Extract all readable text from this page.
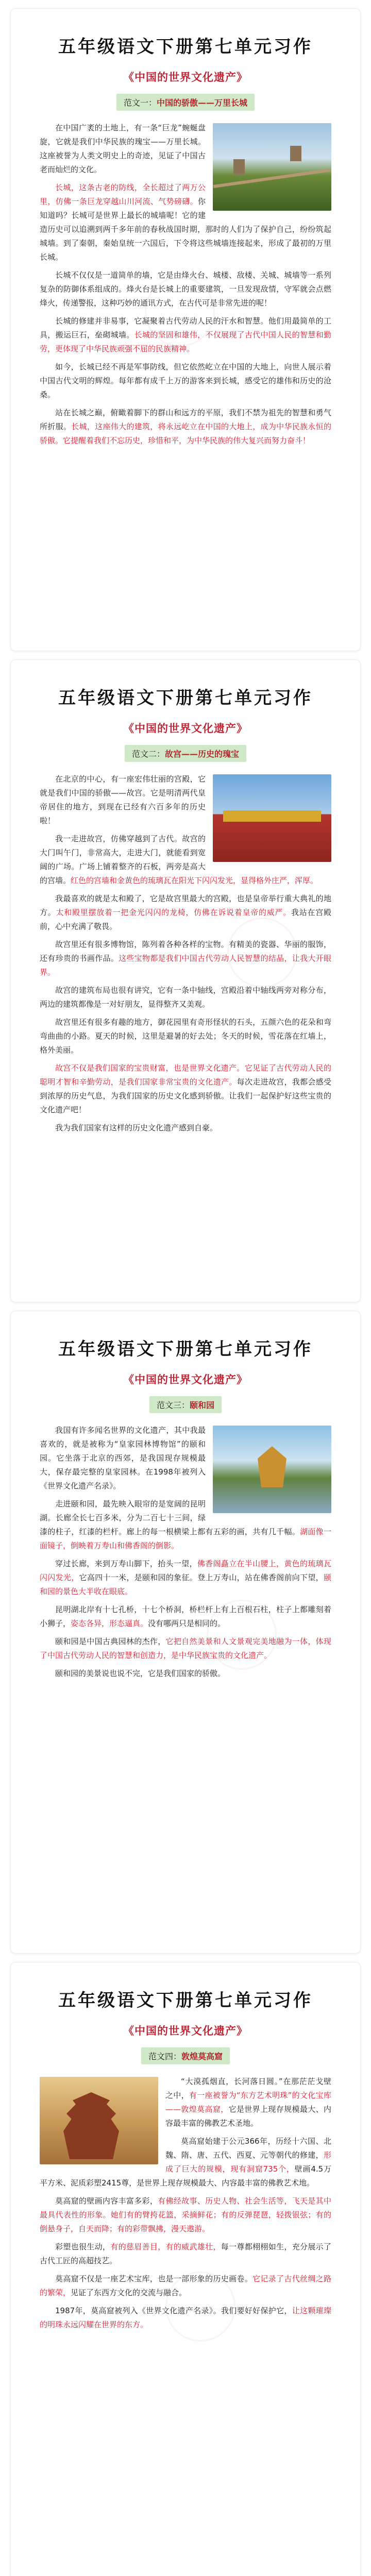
五年级语文下册第七单元习作
《中国的世界文化遗产》
范文一：中国的骄傲——万里长城

在中国广袤的土地上，有一条“巨龙”蜿蜒盘旋，它就是我们中华民族的瑰宝——万里长城。这座被誉为人类文明史上的奇迹，见证了中国古老而灿烂的文化。

长城，这条古老的防线，全长超过了两万公里，仿佛一条巨龙穿越山川河流、气势磅礴。你知道吗？长城可是世界上最长的城墙呢！它的建造历史可以追溯到两千多年前的春秋战国时期，那时的人们为了保护自己，纷纷筑起城墙。到了秦朝，秦始皇统一六国后，下令将这些城墙连接起来，形成了最初的万里长城。

长城不仅仅是一道简单的墙，它是由烽火台、城楼、敌楼、关城、城墙等一系列复杂的防御体系组成的。烽火台是长城上的重要建筑，一旦发现敌情，守军就会点燃烽火，传递警报，这种巧妙的通讯方式，在古代可是非常先进的呢！

长城的修建并非易事，它凝聚着古代劳动人民的汗水和智慧。他们用最简单的工具，搬运巨石，垒砌城墙。长城的坚固和雄伟，不仅展现了古代中国人民的智慧和勤劳，更体现了中华民族顽强不屈的民族精神。

如今，长城已经不再是军事防线，但它依然屹立在中国的大地上，向世人展示着中国古代文明的辉煌。每年都有成千上万的游客来到长城，感受它的雄伟和历史的沧桑。

站在长城之巅，俯瞰着脚下的群山和远方的平原，我们不禁为祖先的智慧和勇气所折服。长城，这座伟大的建筑，将永远屹立在中国的大地上，成为中华民族永恒的骄傲。它提醒着我们不忘历史，珍惜和平，为中华民族的伟大复兴而努力奋斗！

五年级语文下册第七单元习作
《中国的世界文化遗产》
范文二：故宫——历史的瑰宝

在北京的中心，有一座宏伟壮丽的宫殿，它就是我们中国的骄傲——故宫。它是明清两代皇帝居住的地方，到现在已经有六百多年的历史啦！

我一走进故宫，仿佛穿越到了古代。故宫的大门叫午门，非常高大，走进大门，就能看到宽阔的广场。广场上铺着整齐的石板，两旁是高大的宫墙。红色的宫墙和金黄色的琉璃瓦在阳光下闪闪发光，显得格外庄严，浑厚。

我最喜欢的就是太和殿了，它是故宫里最大的宫殿，也是皇帝举行重大典礼的地方。太和殿里摆放着一把金光闪闪的龙椅，仿佛在诉说着皇帝的威严。我站在宫殿前，心中充满了敬畏。

故宫里还有很多博物馆，陈列着各种各样的宝物。有精美的瓷器、华丽的服饰，还有珍贵的书画作品。这些宝物都是我们中国古代劳动人民智慧的结晶，让我大开眼界。

故宫的建筑布局也很有讲究，它有一条中轴线，宫殿沿着中轴线两旁对称分布，两边的建筑都像是一对好朋友，显得整齐又美观。

故宫里还有很多有趣的地方，御花园里有奇形怪状的石头，五颜六色的花朵和弯弯曲曲的小路。夏天的时候，这里是避暑的好去处；冬天的时候，雪花落在红墙上，格外美丽。

故宫不仅是我们国家的宝贵财富，也是世界文化遗产。它见证了古代劳动人民的聪明才智和辛勤劳动，是我们国家非常宝贵的文化遗产。每次走进故宫，我都会感受到浓厚的历史气息，为我们国家的历史文化感到骄傲。让我们一起保护好这些宝贵的文化遗产吧！

我为我们国家有这样的历史文化遗产感到自豪。

五年级语文下册第七单元习作
《中国的世界文化遗产》
范文三：颐和园

我国有许多闻名世界的文化遗产，其中我最喜欢的，就是被称为“皇家园林博物馆”的颐和园。它坐落于北京的西郊，是我国现存规模最大，保存最完整的皇家园林。在1998年被列入《世界文化遗产名录》。

走进颐和园，最先映入眼帘的是宽阔的昆明湖。长廊全长七百多米，分为二百七十三间，绿漆的柱子，红漆的栏杆。廊上的每一根横梁上都有五彩的画，共有几千幅。湖面像一面镜子，倒映着万寿山和佛香阁的倒影。

穿过长廊，来到万寿山脚下，抬头一望，佛香阁矗立在半山腰上，黄色的琉璃瓦闪闪发光，它高四十一米，是颐和园的象征。登上万寿山，站在佛香阁前向下望，颐和园的景色大半收在眼底。

昆明湖北岸有十七孔桥，十七个桥洞，桥栏杆上有上百根石柱，柱子上都雕刻着小狮子，姿态各异，形态逼真。没有哪两只是相同的。

颐和园是中国古典园林的杰作，它把自然美景和人文景观完美地融为一体，体现了中国古代劳动人民的智慧和创造力，是中华民族宝贵的文化遗产。

颐和园的美景说也说不完，它是我们国家的骄傲。

五年级语文下册第七单元习作
《中国的世界文化遗产》
范文四：敦煌莫高窟

“大漠孤烟直，长河落日圆。”在那茫茫戈壁之中，有一座被誉为“东方艺术明珠”的文化宝库——敦煌莫高窟，它是世界上现存规模最大、内容最丰富的佛教艺术圣地。

莫高窟始建于公元366年，历经十六国、北魏、隋、唐、五代、西夏、元等朝代的修建，形成了巨大的规模，现有洞窟735个，壁画4.5万平方米、泥质彩塑2415尊，是世界上现存规模最大、内容最丰富的佛教艺术地。

莫高窟的壁画内容丰富多彩，有佛经故事、历史人物、社会生活等，飞天是其中最具代表性的形象。她们有的臂挎花篮，采摘鲜花；有的反弹琵琶，轻拨银弦；有的倒悬身子，自天而降；有的彩带飘拂，漫天遨游。

彩塑也很生动，有的慈眉善目，有的威武雄壮，每一尊都栩栩如生，充分展示了古代工匠的高超技艺。

莫高窟不仅是一座艺术宝库，也是一部形象的历史画卷。它记录了古代丝绸之路的繁荣，见证了东西方文化的交流与融合。

1987年，莫高窟被列入《世界文化遗产名录》。我们要好好保护它，让这颗璀璨的明珠永远闪耀在世界的东方。
